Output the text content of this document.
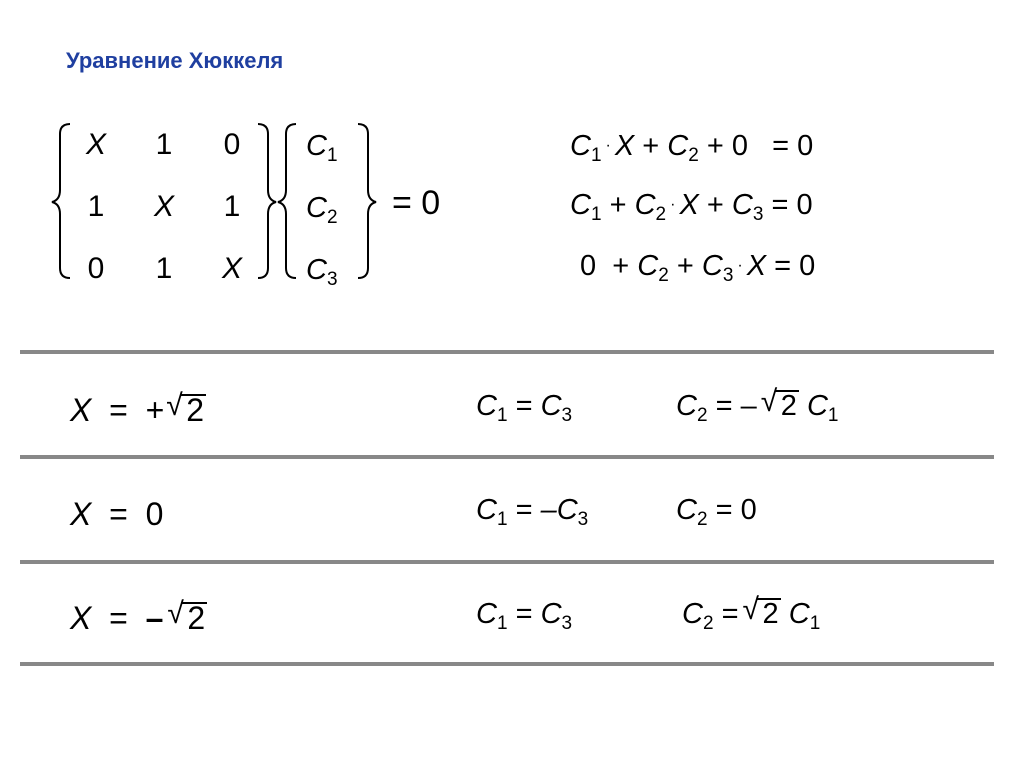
Уравнение Хюккеля
X	1	0
1	X	1
0	1	X
$C_1$
$C_2$
$C_3$
= 0
$C_1 \cdot X + C_2 + 0 = 0$
$C_1 + C_2 \cdot X + C_3 = 0$
$0 + C_2 + C_3 \cdot X = 0$
X = + √ 2	$C_1 = C_3$	$C_2$ = – √ 2 $C_1$
X = 0	$C_1 = -C_3$	$C_2 = 0$
X = – √ 2	$C_1 = C_3$	$C_2$ = √ 2 $C_1$
